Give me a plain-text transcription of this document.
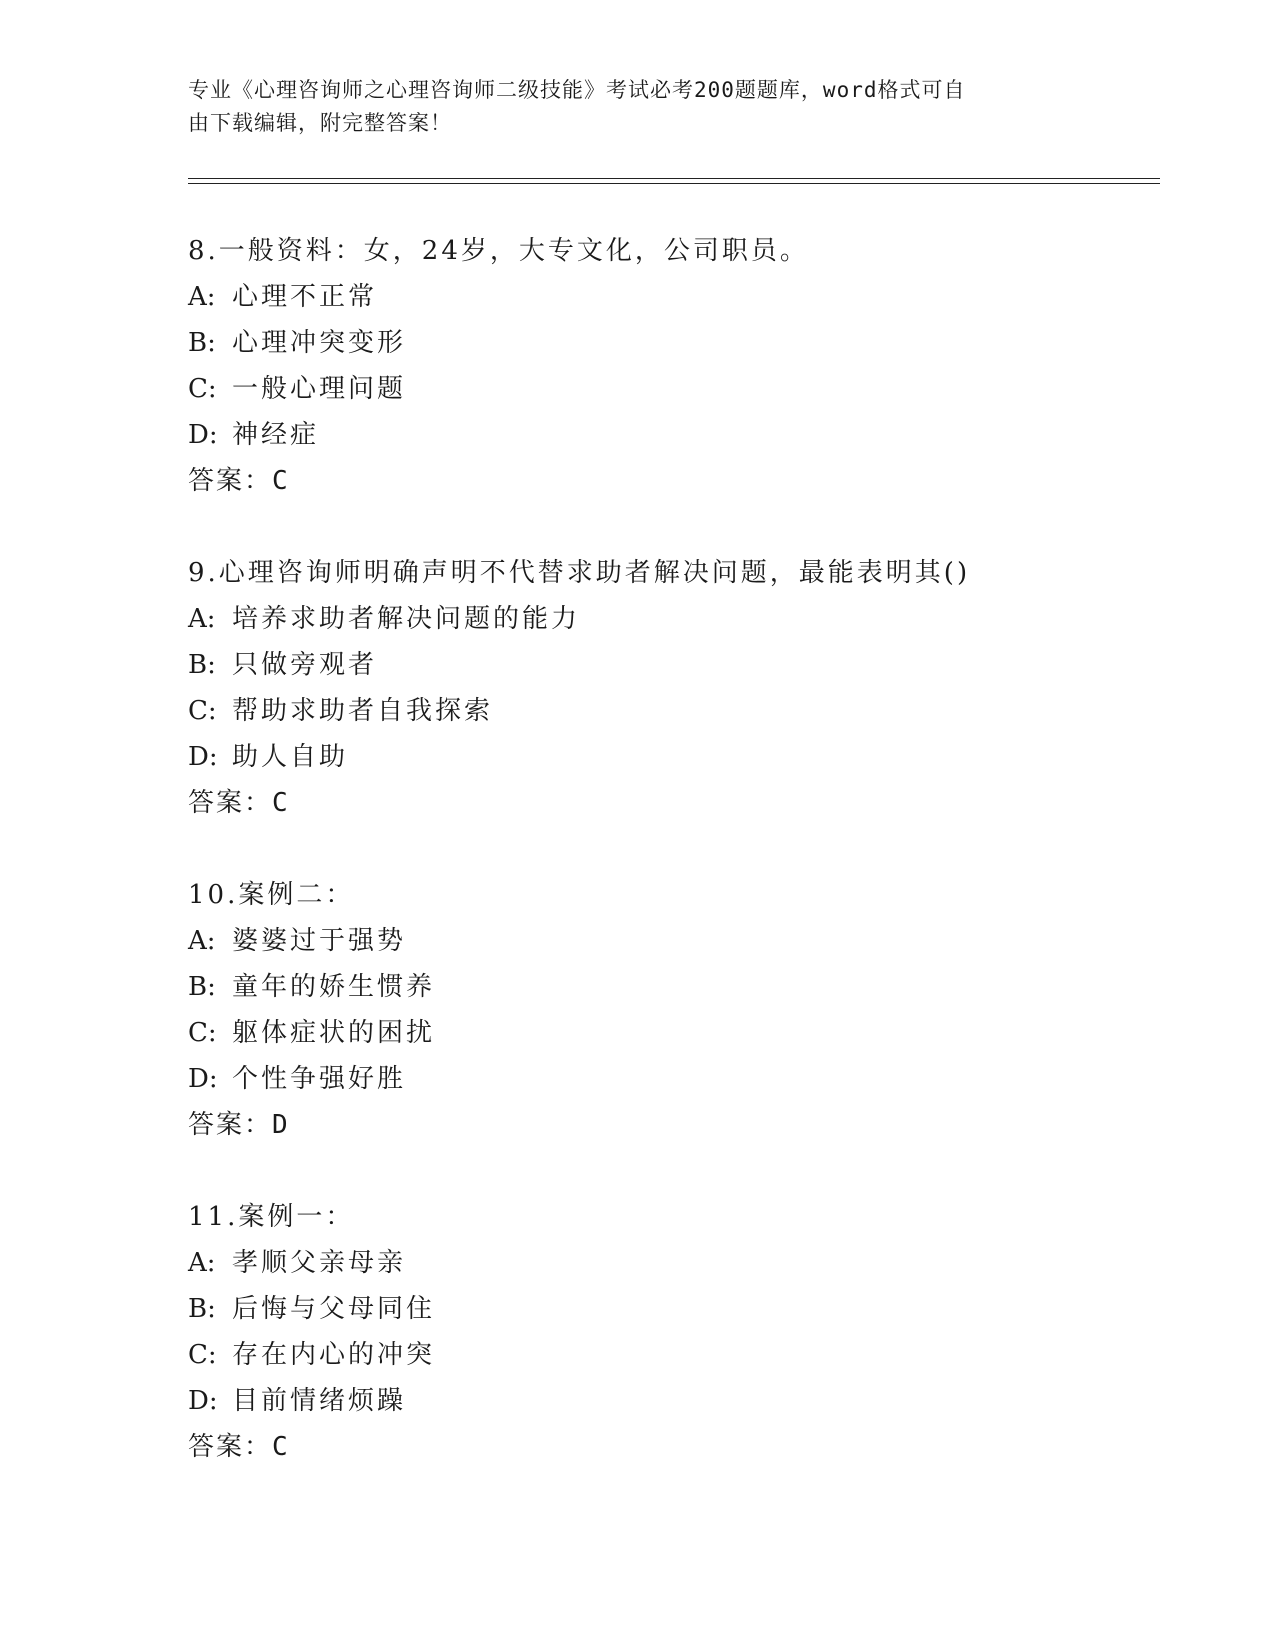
专业《心理咨询师之心理咨询师二级技能》考试必考200题题库，word格式可自
由下载编辑，附完整答案！
8.一般资料：女，24岁，大专文化，公司职员。
A: 心理不正常
B: 心理冲突变形
C: 一般心理问题
D: 神经症
答案：C
9.心理咨询师明确声明不代替求助者解决问题，最能表明其()
A: 培养求助者解决问题的能力
B: 只做旁观者
C: 帮助求助者自我探索
D: 助人自助
答案：C
10.案例二：
A: 婆婆过于强势
B: 童年的娇生惯养
C: 躯体症状的困扰
D: 个性争强好胜
答案：D
11.案例一：
A: 孝顺父亲母亲
B: 后悔与父母同住
C: 存在内心的冲突
D: 目前情绪烦躁
答案：C
